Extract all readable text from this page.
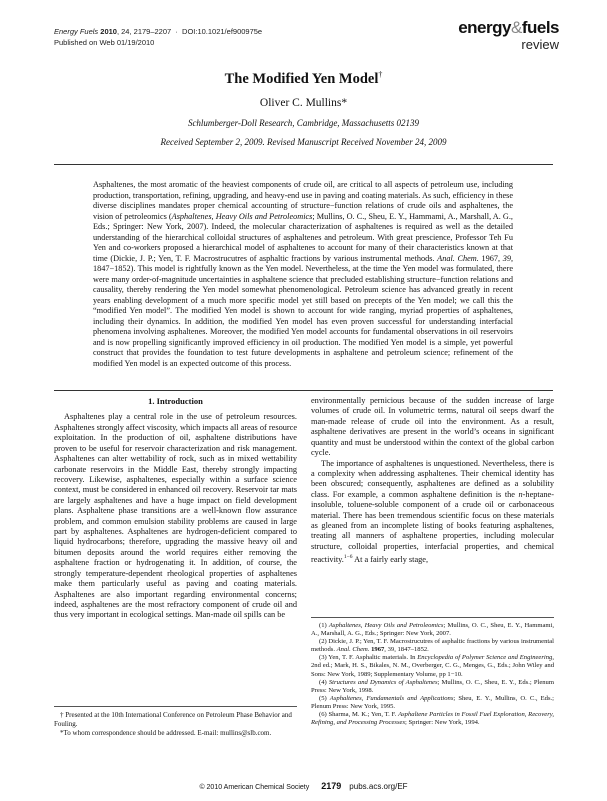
Energy Fuels 2010, 24, 2179–2207  ·  DOI:10.1021/ef900975e
Published on Web 01/19/2010
energy&fuels
review
The Modified Yen Model†
Oliver C. Mullins*
Schlumberger-Doll Research, Cambridge, Massachusetts 02139
Received September 2, 2009. Revised Manuscript Received November 24, 2009
Asphaltenes, the most aromatic of the heaviest components of crude oil, are critical to all aspects of petroleum use, including production, transportation, refining, upgrading, and heavy-end use in paving and coating materials. As such, efficiency in these diverse disciplines mandates proper chemical accounting of structure−function relations of crude oils and asphaltenes, the vision of petroleomics (Asphaltenes, Heavy Oils and Petroleomics; Mullins, O. C., Sheu, E. Y., Hammami, A., Marshall, A. G., Eds.; Springer: New York, 2007). Indeed, the molecular characterization of asphaltenes is required as well as the detailed understanding of the hierarchical colloidal structures of asphaltenes and petroleum. With great prescience, Professor Teh Fu Yen and co-workers proposed a hierarchical model of asphaltenes to account for many of their characteristics known at that time (Dickie, J. P.; Yen, T. F. Macrostrucutres of asphaltic fractions by various instrumental methods. Anal. Chem. 1967, 39, 1847−1852). This model is rightfully known as the Yen model. Nevertheless, at the time the Yen model was formulated, there were many order-of-magnitude uncertainties in asphaltene science that precluded establishing structure−function relations and causality, thereby rendering the Yen model somewhat phenomenological. Petroleum science has advanced greatly in recent years enabling development of a much more specific model yet still based on precepts of the Yen model; we call this the “modified Yen model”. The modified Yen model is shown to account for wide ranging, myriad properties of asphaltenes, including their dynamics. In addition, the modified Yen model has even proven successful for understanding interfacial phenomena involving asphaltenes. Moreover, the modified Yen model accounts for fundamental observations in oil reservoirs and is now propelling significantly improved efficiency in oil production. The modified Yen model is a simple, yet powerful construct that provides the foundation to test future developments in asphaltene and petroleum science; refinement of the modified Yen model is an expected outcome of this process.
1. Introduction

Asphaltenes play a central role in the use of petroleum resources. Asphaltenes strongly affect viscosity, which impacts all areas of resource exploitation. In the production of oil, asphaltene distributions have proven to be useful for reservoir characterization and risk management. Asphaltenes can alter wettability of rock, such as in mixed wettability carbonate reservoirs in the Middle East, thereby strongly impacting recovery. Likewise, asphaltenes, especially within a surface science context, must be considered in enhanced oil recovery. Reservoir tar mats are largely asphaltenes and have a huge impact on field development plans. Asphaltene phase transitions are a well-known flow assurance problem, and common emulsion stability problems are caused in large part by asphaltenes. Asphaltenes are hydrogen-deficient compared to liquid hydrocarbons; therefore, upgrading the massive heavy oil and bitumen deposits around the world requires either removing the asphaltene fraction or hydrogenating it. In addition, of course, the strongly temperature-dependent rheological properties of asphaltenes make them particularly useful as paving and coating materials. Asphaltenes are also important regarding environmental concerns; indeed, asphaltenes are the most refractory component of crude oil and thus very important in ecological settings. Man-made oil spills can be

environmentally pernicious because of the sudden increase of large volumes of crude oil. In volumetric terms, natural oil seeps dwarf the man-made release of crude oil into the environment. As a result, asphaltene derivatives are present in the world’s oceans in significant quantity and must be understood within the context of the global carbon cycle.

The importance of asphaltenes is unquestioned. Nevertheless, there is a complexity when addressing asphaltenes. Their chemical identity has been obscured; consequently, asphaltenes are defined as a solubility class. For example, a common asphaltene definition is the n-heptane-insoluble, toluene-soluble component of a crude oil or carbonaceous material. There has been tremendous scientific focus on these materials as gleaned from an incomplete listing of books featuring asphaltenes, treating all manners of asphaltene properties, including molecular structure, colloidal properties, interfacial properties, and chemical reactivity.$^{1-6}$ At a fairly early stage,

(1) Asphaltenes, Heavy Oils and Petroleomics; Mullins, O. C., Sheu, E. Y., Hammami, A., Marshall, A. G., Eds.; Springer: New York, 2007.

(2) Dickie, J. P.; Yen, T. F. Macrostrucutres of asphaltic fractions by various instrumental methods. Anal. Chem. 1967, 39, 1847–1852.

(3) Yen, T. F. Asphaltic materials. In Encyclopedia of Polymer Science and Engineering, 2nd ed.; Mark, H. S., Bikales, N. M., Overberger, C. G., Menges, G., Eds.; John Wiley and Sons: New York, 1989; Supplementary Volume, pp 1−10.

(4) Structures and Dynamics of Asphaltenes; Mullins, O. C., Sheu, E. Y., Eds.; Plenum Press: New York, 1998.

(5) Asphaltenes, Fundamentals and Applications; Sheu, E. Y., Mullins, O. C., Eds.; Plenum Press: New York, 1995.

(6) Sharma, M. K.; Yen, T. F. Asphaltene Particles in Fossil Fuel Exploration, Recovery, Refining, and Processing Processes; Springer: New York, 1994.

† Presented at the 10th International Conference on Petroleum Phase Behavior and Fouling.

*To whom correspondence should be addressed. E-mail: mullins@slb.com.

© 2010 American Chemical Society 2179 pubs.acs.org/EF
